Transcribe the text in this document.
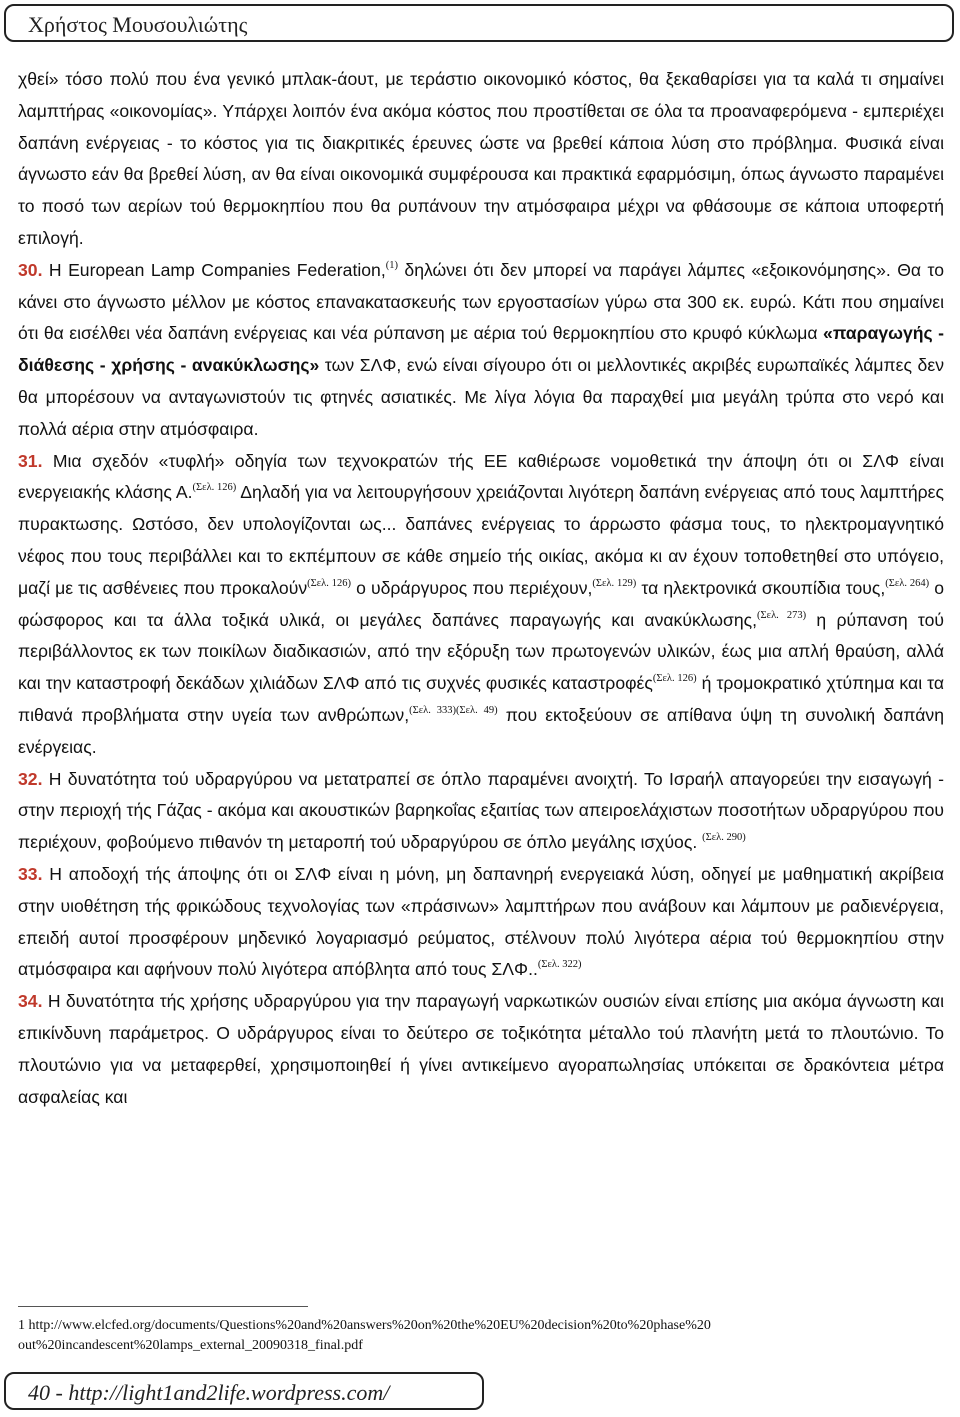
Χρήστος Μουσουλιώτης

χθεί» τόσο πολύ που ένα γενικό μπλακ-άουτ, με τεράστιο οικονομικό κόστος, θα ξεκαθαρίσει για τα καλά τι σημαίνει λαμπτήρας «οικονομίας». Υπάρχει λοιπόν ένα ακόμα κόστος που προστίθεται σε όλα τα προαναφερόμενα - εμπεριέχει δαπάνη ενέργειας - το κόστος για τις διακριτικές έρευνες ώστε να βρεθεί κάποια λύση στο πρόβλημα. Φυσικά είναι άγνωστο εάν θα βρεθεί λύση, αν θα είναι οικονομικά συμφέρουσα και πρακτικά εφαρμόσιμη, όπως άγνωστο παραμένει το ποσό των αερίων τού θερμοκηπίου που θα ρυπάνουν την ατμόσφαιρα μέχρι να φθάσουμε σε κάποια υποφερτή επιλογή.

30. Η European Lamp Companies Federation,$^{(1)}$ δηλώνει ότι δεν μπορεί να παράγει λάμπες «εξοικονόμησης». Θα το κάνει στο άγνωστο μέλλον με κόστος επανακατασκευής των εργοστασίων γύρω στα 300 εκ. ευρώ. Κάτι που σημαίνει ότι θα εισέλθει νέα δαπάνη ενέργειας και νέα ρύπανση με αέρια τού θερμοκηπίου στο κρυφό κύκλωμα «παραγωγής - διάθεσης - χρήσης - ανακύκλωσης» των ΣΛΦ, ενώ είναι σίγουρο ότι οι μελλοντικές ακριβές ευρωπαϊκές λάμπες δεν θα μπορέσουν να ανταγωνιστούν τις φτηνές ασιατικές. Με λίγα λόγια θα παραχθεί μια μεγάλη τρύπα στο νερό και πολλά αέρια στην ατμόσφαιρα.

31. Μια σχεδόν «τυφλή» οδηγία των τεχνοκρατών τής ΕΕ καθιέρωσε νομοθετικά την άποψη ότι οι ΣΛΦ είναι ενεργειακής κλάσης Α.$^{(\Sigma\varepsilon\lambda. 126)}$ Δηλαδή για να λειτουργήσουν χρειάζονται λιγότερη δαπάνη ενέργειας από τους λαμπτήρες πυρακτωσης. Ωστόσο, δεν υπολογίζονται ως... δαπάνες ενέργειας το άρρωστο φάσμα τους, το ηλεκτρομαγνητικό νέφος που τους περιβάλλει και το εκπέμπουν σε κάθε σημείο τής οικίας, ακόμα κι αν έχουν τοποθετηθεί στο υπόγειο, μαζί με τις ασθένειες που προκαλούν$^{(\Sigma\varepsilon\lambda. 126)}$ ο υδράργυρος που περιέχουν,$^{(\Sigma\varepsilon\lambda. 129)}$ τα ηλεκτρονικά σκουπίδια τους,$^{(\Sigma\varepsilon\lambda. 264)}$ ο φώσφορος και τα άλλα τοξικά υλικά, οι μεγάλες δαπάνες παραγωγής και ανακύκλωσης,$^{(\Sigma\varepsilon\lambda. 273)}$ η ρύπανση τού περιβάλλοντος εκ των ποικίλων διαδικασιών, από την εξόρυξη των πρωτογενών υλικών, έως μια απλή θραύση, αλλά και την καταστροφή δεκάδων χιλιάδων ΣΛΦ από τις συχνές φυσικές καταστροφές$^{(\Sigma\varepsilon\lambda. 126)}$ ή τρομοκρατικό χτύπημα και τα πιθανά προβλήματα στην υγεία των ανθρώπων,$^{(\Sigma\varepsilon\lambda. 333)(\Sigma\varepsilon\lambda. 49)}$ που εκτοξεύουν σε απίθανα ύψη τη συνολική δαπάνη ενέργειας.

32. Η δυνατότητα τού υδραργύρου να μετατραπεί σε όπλο παραμένει ανοιχτή. Το Ισραήλ απαγορεύει την εισαγωγή - στην περιοχή τής Γάζας - ακόμα και ακουστικών βαρηκοΐας εξαιτίας των απειροελάχιστων ποσοτήτων υδραργύρου που περιέχουν, φοβούμενο πιθανόν τη μεταροπή τού υδραργύρου σε όπλο μεγάλης ισχύος. $^{(\Sigma\varepsilon\lambda. 290)}$

33. Η αποδοχή τής άποψης ότι οι ΣΛΦ είναι η μόνη, μη δαπανηρή ενεργειακά λύση, οδηγεί με μαθηματική ακρίβεια στην υιοθέτηση τής φρικώδους τεχνολογίας των «πράσινων» λαμπτήρων που ανάβουν και λάμπουν με ραδιενέργεια, επειδή αυτοί προσφέρουν μηδενικό λογαριασμό ρεύματος, στέλνουν πολύ λιγότερα αέρια τού θερμοκηπίου στην ατμόσφαιρα και αφήνουν πολύ λιγότερα απόβλητα από τους ΣΛΦ..$^{(\Sigma\varepsilon\lambda. 322)}$

34. Η δυνατότητα τής χρήσης υδραργύρου για την παραγωγή ναρκωτικών ουσιών είναι επίσης μια ακόμα άγνωστη και επικίνδυνη παράμετρος. Ο υδράργυρος είναι το δεύτερο σε τοξικότητα μέταλλο τού πλανήτη μετά το πλουτώνιο. Το πλουτώνιο για να μεταφερθεί, χρησιμοποιηθεί ή γίνει αντικείμενο αγοραπωλησίας υπόκειται σε δρακόντεια μέτρα ασφαλείας και

1 http://www.elcfed.org/documents/Questions%20and%20answers%20on%20the%20EU%20decision%20to%20phase%20 out%20incandescent%20lamps_external_20090318_final.pdf
40 - http://light1and2life.wordpress.com/
